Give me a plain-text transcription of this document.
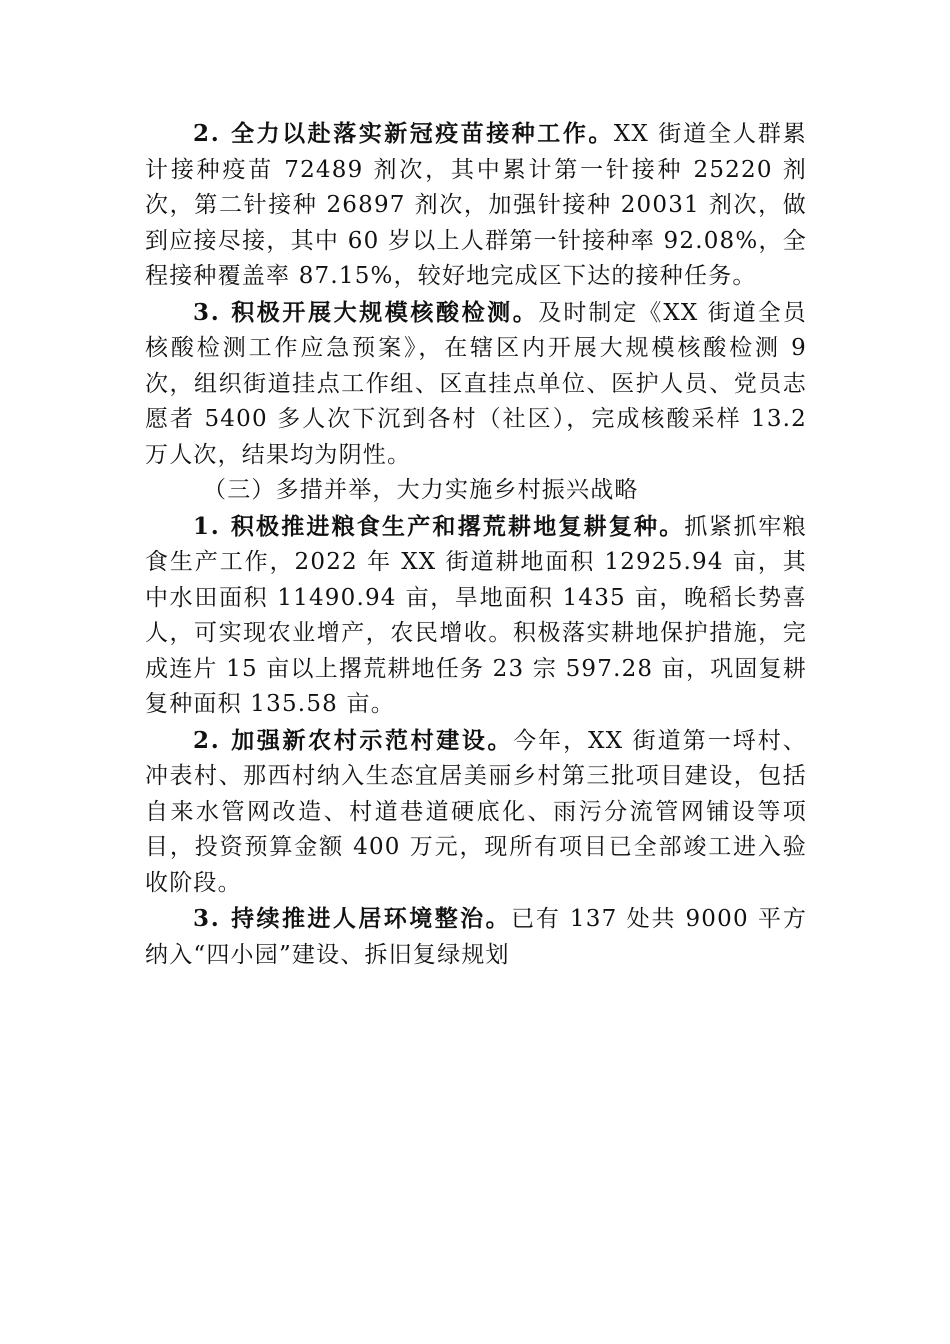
2. 全力以赴落实新冠疫苗接种工作。XX 街道全人群累计接种疫苗 72489 剂次，其中累计第一针接种 25220 剂次，第二针接种 26897 剂次，加强针接种 20031 剂次，做到应接尽接，其中 60 岁以上人群第一针接种率 92.08%，全程接种覆盖率 87.15%，较好地完成区下达的接种任务。

3. 积极开展大规模核酸检测。及时制定《XX 街道全员核酸检测工作应急预案》，在辖区内开展大规模核酸检测 9 次，组织街道挂点工作组、区直挂点单位、医护人员、党员志愿者 5400 多人次下沉到各村（社区），完成核酸采样 13.2 万人次，结果均为阴性。

（三）多措并举，大力实施乡村振兴战略

1. 积极推进粮食生产和撂荒耕地复耕复种。抓紧抓牢粮食生产工作，2022 年 XX 街道耕地面积 12925.94 亩，其中水田面积 11490.94 亩，旱地面积 1435 亩，晚稻长势喜人，可实现农业增产，农民增收。积极落实耕地保护措施，完成连片 15 亩以上撂荒耕地任务 23 宗 597.28 亩，巩固复耕复种面积 135.58 亩。

2. 加强新农村示范村建设。今年，XX 街道第一埒村、冲表村、那西村纳入生态宜居美丽乡村第三批项目建设，包括自来水管网改造、村道巷道硬底化、雨污分流管网铺设等项目，投资预算金额 400 万元，现所有项目已全部竣工进入验收阶段。

3. 持续推进人居环境整治。已有 137 处共 9000 平方纳入“四小园”建设、拆旧复绿规划
